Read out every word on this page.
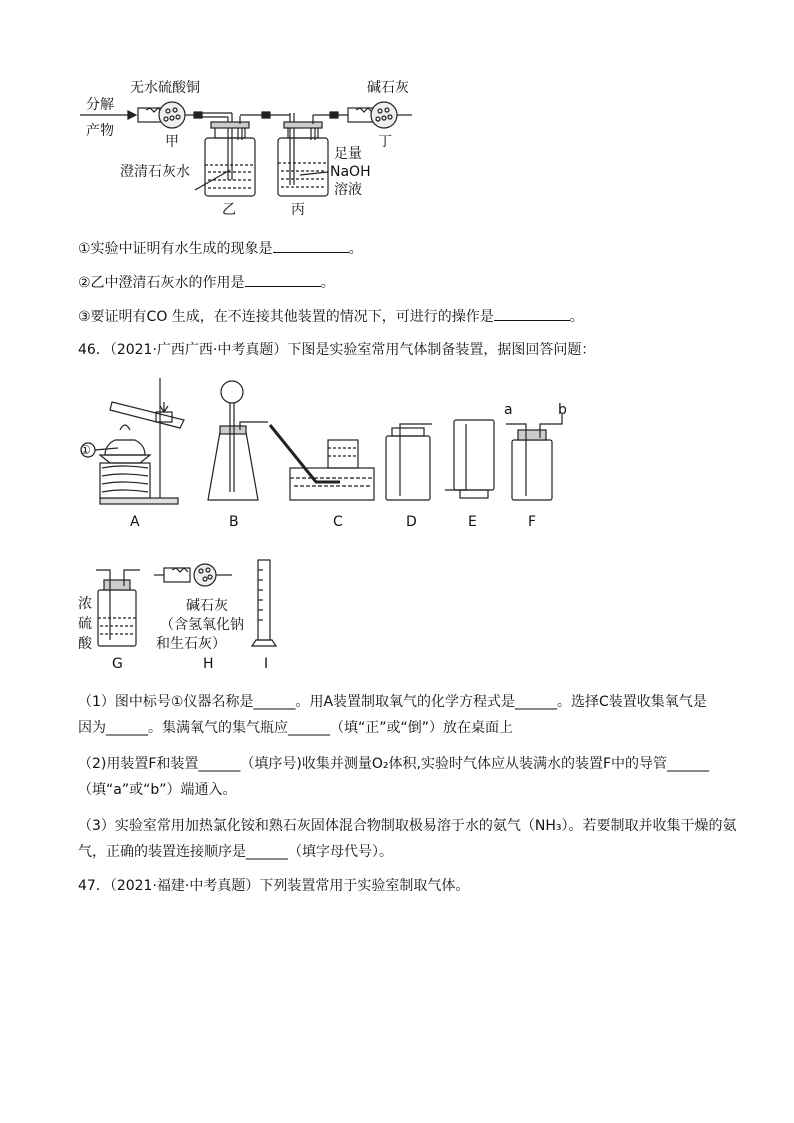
分解
产物
无水硫酸铜
甲
澄清石灰水
乙	丙
足量
NaOH
溶液
碱石灰
丁
①实验中证明有水生成的现象是	。
②乙中澄清石灰水的作用是	。
③要证明有CO 生成，在不连接其他装置的情况下，可进行的操作是	。
46．（2021·广西广西·中考真题）下图是实验室常用气体制备装置，据图回答问题：
①
A	B	C	D	E	F
a	b
浓
硫
酸
G
碱石灰
（含氢氧化钠
和生石灰）
H	I
（1）图中标号①仪器名称是______。用A装置制取氧气的化学方程式是______。选择C装置收集氧气是
因为______。集满氧气的集气瓶应______（填“正”或“倒”）放在桌面上
（2)用装置F和装置______（填序号)收集并测量O₂体积,实验时气体应从装满水的装置F中的导管______
（填“a”或“b”）端通入。
（3）实验室常用加热氯化铵和熟石灰固体混合物制取极易溶于水的氨气（NH₃）。若要制取并收集干燥的氨
气，正确的装置连接顺序是______（填字母代号）。
47．（2021·福建·中考真题）下列装置常用于实验室制取气体。
